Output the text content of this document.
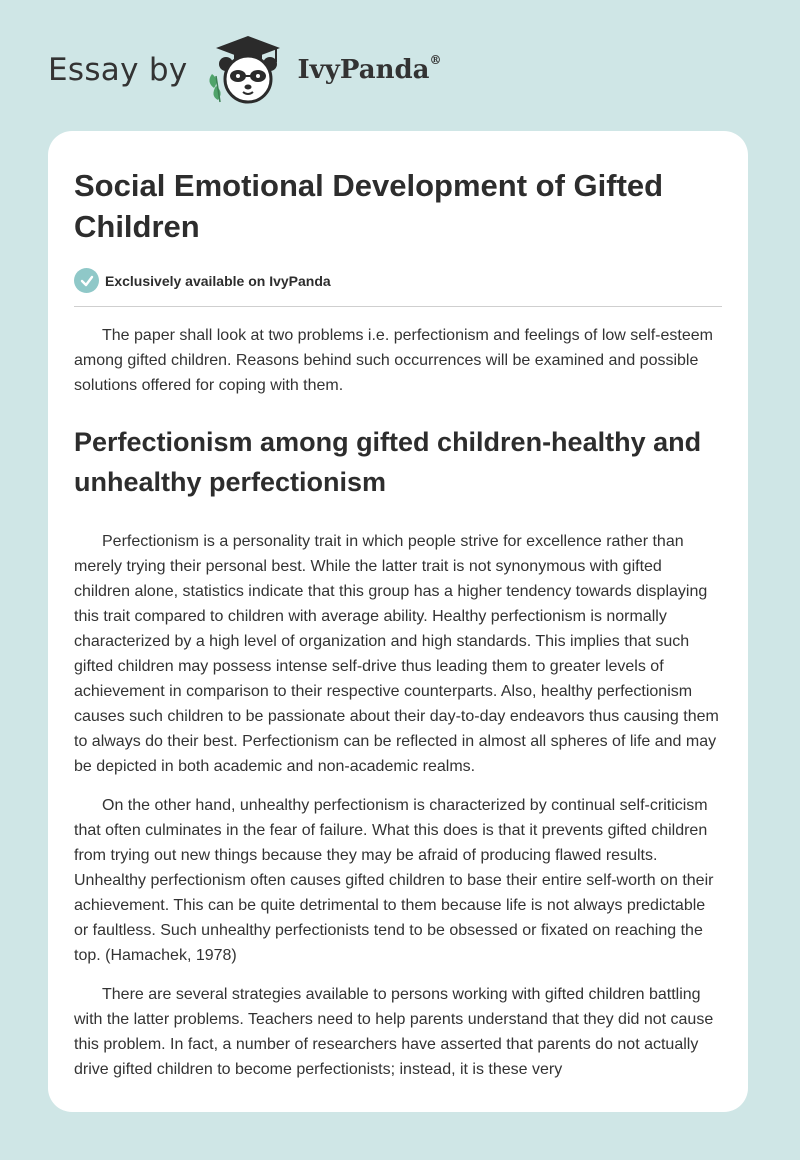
Essay by	IvyPanda®
Social Emotional Development of Gifted Children
Exclusively available on IvyPanda

The paper shall look at two problems i.e. perfectionism and feelings of low self-esteem among gifted children. Reasons behind such occurrences will be examined and possible solutions offered for coping with them.

Perfectionism among gifted children-healthy and unhealthy perfectionism

Perfectionism is a personality trait in which people strive for excellence rather than merely trying their personal best. While the latter trait is not synonymous with gifted children alone, statistics indicate that this group has a higher tendency towards displaying this trait compared to children with average ability. Healthy perfectionism is normally characterized by a high level of organization and high standards. This implies that such gifted children may possess intense self-drive thus leading them to greater levels of achievement in comparison to their respective counterparts. Also, healthy perfectionism causes such children to be passionate about their day-to-day endeavors thus causing them to always do their best. Perfectionism can be reflected in almost all spheres of life and may be depicted in both academic and non-academic realms.

On the other hand, unhealthy perfectionism is characterized by continual self-criticism that often culminates in the fear of failure. What this does is that it prevents gifted children from trying out new things because they may be afraid of producing flawed results. Unhealthy perfectionism often causes gifted children to base their entire self-worth on their achievement. This can be quite detrimental to them because life is not always predictable or faultless. Such unhealthy perfectionists tend to be obsessed or fixated on reaching the top. (Hamachek, 1978)

There are several strategies available to persons working with gifted children battling with the latter problems. Teachers need to help parents understand that they did not cause this problem. In fact, a number of researchers have asserted that parents do not actually drive gifted children to become perfectionists; instead, it is these very
